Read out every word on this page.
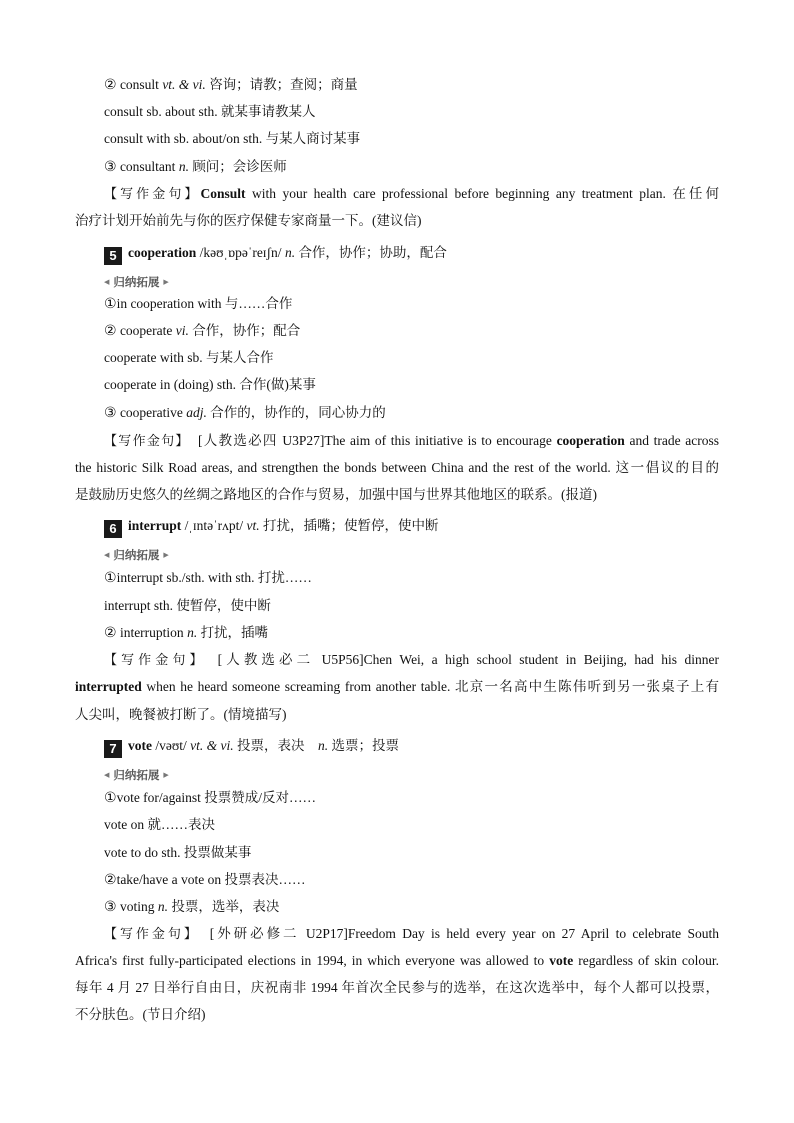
② consult vt. & vi. 咨询；请教；查阅；商量
consult sb. about sth. 就某事请教某人
consult with sb. about/on sth. 与某人商讨某事
③ consultant n. 顾问；会诊医师
【写作金句】Consult with your health care professional before beginning any treatment plan. 在任何
治疗计划开始前先与你的医疗保健专家商量一下。(建议信)
5 cooperation /kəʊˌɒpəˈreɪʃn/ n. 合作，协作；协助，配合
◀ 归纳拓展 ▶
①in cooperation with 与……合作
② cooperate vi. 合作，协作；配合
cooperate with sb. 与某人合作
cooperate in (doing) sth. 合作(做)某事
③ cooperative adj. 合作的，协作的，同心协力的
【写作金句】　 [人教选必四 U3P27]The aim of this initiative is to encourage cooperation and trade across
the historic Silk Road areas, and strengthen the bonds between China and the rest of the world. 这一倡议的目的
是鼓励历史悠久的丝绸之路地区的合作与贸易，加强中国与世界其他地区的联系。(报道)
6 interrupt /ˌɪntəˈrʌpt/ vt. 打扰，插嘴；使暂停，使中断
◀ 归纳拓展 ▶
①interrupt sb./sth. with sth. 打扰……
interrupt sth. 使暂停，使中断
② interruption n. 打扰，插嘴
【写作金句】　 [人教选必二 U5P56]Chen Wei, a high school student in Beijing, had his dinner
interrupted when he heard someone screaming from another table. 北京一名高中生陈伟听到另一张桌子上有
人尖叫，晚餐被打断了。(情境描写)
7 vote /vəʊt/ vt. & vi. 投票，表决　n. 选票；投票
◀ 归纳拓展 ▶
①vote for/against 投票赞成/反对……
vote on 就……表决
vote to do sth. 投票做某事
②take/have a vote on 投票表决……
③ voting n. 投票，选举，表决
【写作金句】　 [外研必修二 U2P17]Freedom Day is held every year on 27 April to celebrate South
Africa's first fully-participated elections in 1994, in which everyone was allowed to vote regardless of skin colour.
每年 4 月 27 日举行自由日，庆祝南非 1994 年首次全民参与的选举，在这次选举中，每个人都可以投票，
不分肤色。(节日介绍)
